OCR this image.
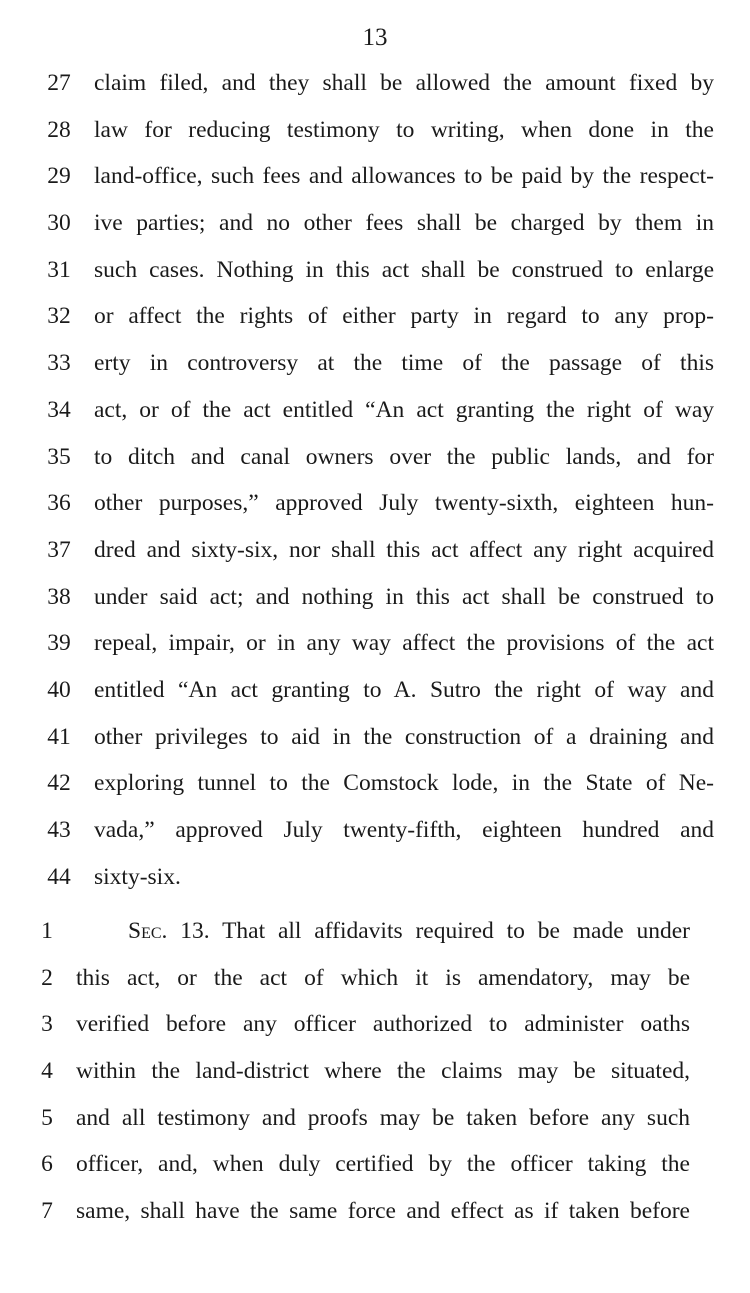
13
27 claim filed, and they shall be allowed the amount fixed by
28 law for reducing testimony to writing, when done in the
29 land-office, such fees and allowances to be paid by the respect-
30 ive parties; and no other fees shall be charged by them in
31 such cases. Nothing in this act shall be construed to enlarge
32 or affect the rights of either party in regard to any prop-
33 erty in controversy at the time of the passage of this
34 act, or of the act entitled “An act granting the right of way
35 to ditch and canal owners over the public lands, and for
36 other purposes,” approved July twenty-sixth, eighteen hun-
37 dred and sixty-six, nor shall this act affect any right acquired
38 under said act; and nothing in this act shall be construed to
39 repeal, impair, or in any way affect the provisions of the act
40 entitled “An act granting to A. Sutro the right of way and
41 other privileges to aid in the construction of a draining and
42 exploring tunnel to the Comstock lode, in the State of Ne-
43 vada,” approved July twenty-fifth, eighteen hundred and
44 sixty-six.
1	Sec. 13. That all affidavits required to be made under
2 this act, or the act of which it is amendatory, may be
3 verified before any officer authorized to administer oaths
4 within the land-district where the claims may be situated,
5 and all testimony and proofs may be taken before any such
6 officer, and, when duly certified by the officer taking the
7 same, shall have the same force and effect as if taken before
